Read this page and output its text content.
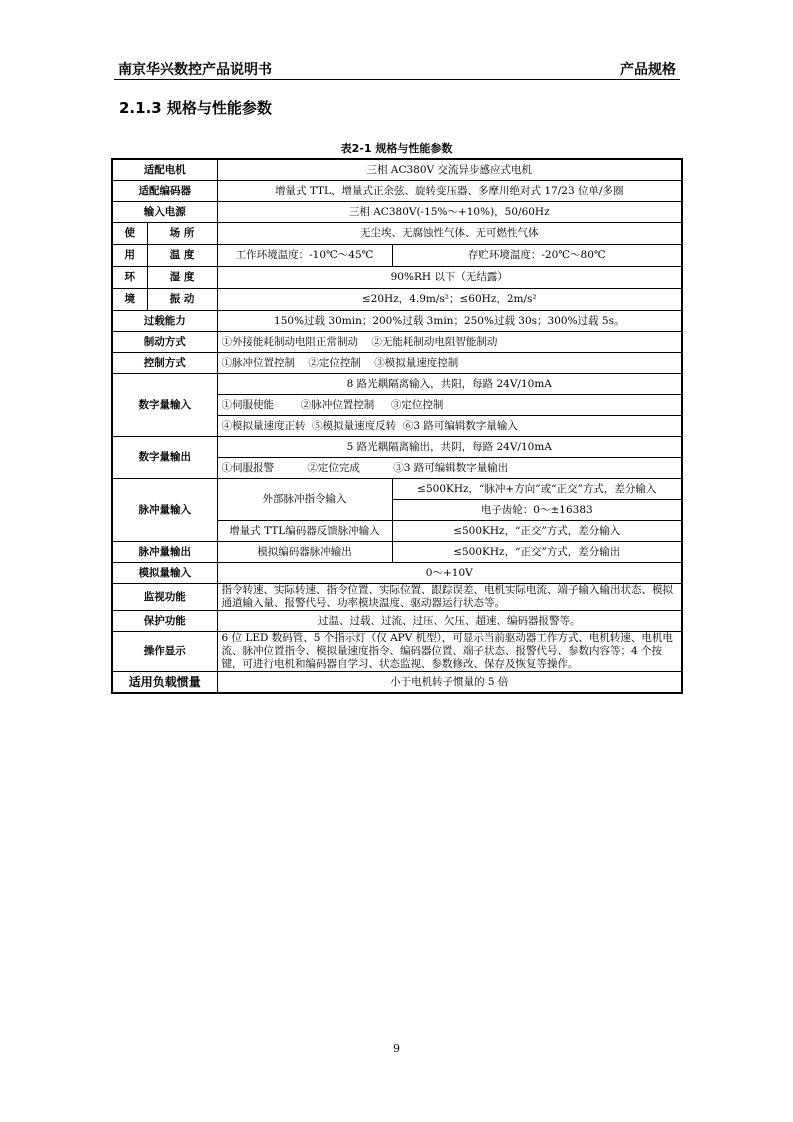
南京华兴数控产品说明书	产品规格
2.1.3 规格与性能参数
表2-1 规格与性能参数
适配电机		三相 AC380V 交流异步感应式电机	
适配编码器		增量式 TTL、增量式正余弦、旋转变压器、多摩川绝对式 17/23 位单/多圈	
输入电源		三相 AC380V(-15%～+10%)，50/60Hz	
使	场 所	无尘埃、无腐蚀性气体、无可燃性气体	
用	温 度	工作环境温度：-10℃～45℃	存贮环境温度：-20℃～80℃
环	湿 度	90%RH 以下（无结露）	
境	振 动	≤20Hz，4.9m/s²；≤60Hz，2m/s²	
过载能力		150%过载 30min；200%过载 3min；250%过载 30s；300%过载 5s。	
制动方式		①外接能耗制动电阻正常制动    ②无能耗制动电阻智能制动	
控制方式		①脉冲位置控制    ②定位控制    ③模拟量速度控制	
数字量输入		8 路光耦隔离输入，共阳，每路 24V/10mA	
		①伺服使能        ②脉冲位置控制     ③定位控制	
		④模拟量速度正转  ⑤模拟量速度反转  ⑥3 路可编辑数字量输入	
数字量输出		5 路光耦隔离输出，共阴，每路 24V/10mA	
		①伺服报警          ②定位完成          ③3 路可编辑数字量输出	
脉冲量输入		外部脉冲指令输入	≤500KHz，“脉冲+方向”或“正交”方式，差分输入
			电子齿轮：0～±16383
		增量式 TTL编码器反馈脉冲输入	≤500KHz，“正交”方式，差分输入
脉冲量输出		模拟编码器脉冲输出	≤500KHz，“正交”方式，差分输出
模拟量输入		0～+10V	
监视功能		指令转速、实际转速、指令位置、实际位置、跟踪误差、电机实际电流、端子输入输出状态、模拟通道输入量、报警代号、功率模块温度、驱动器运行状态等。	
保护功能		过温、过载、过流、过压、欠压、超速、编码器报警等。	
操作显示		6 位 LED 数码管、5 个指示灯（仅 APV 机型），可显示当前驱动器工作方式、电机转速、电机电流、脉冲位置指令、模拟量速度指令、编码器位置、端子状态、报警代号、参数内容等；4 个按键，可进行电机和编码器自学习、状态监视、参数修改、保存及恢复等操作。	
适用负载惯量		小于电机转子惯量的 5 倍	
9
